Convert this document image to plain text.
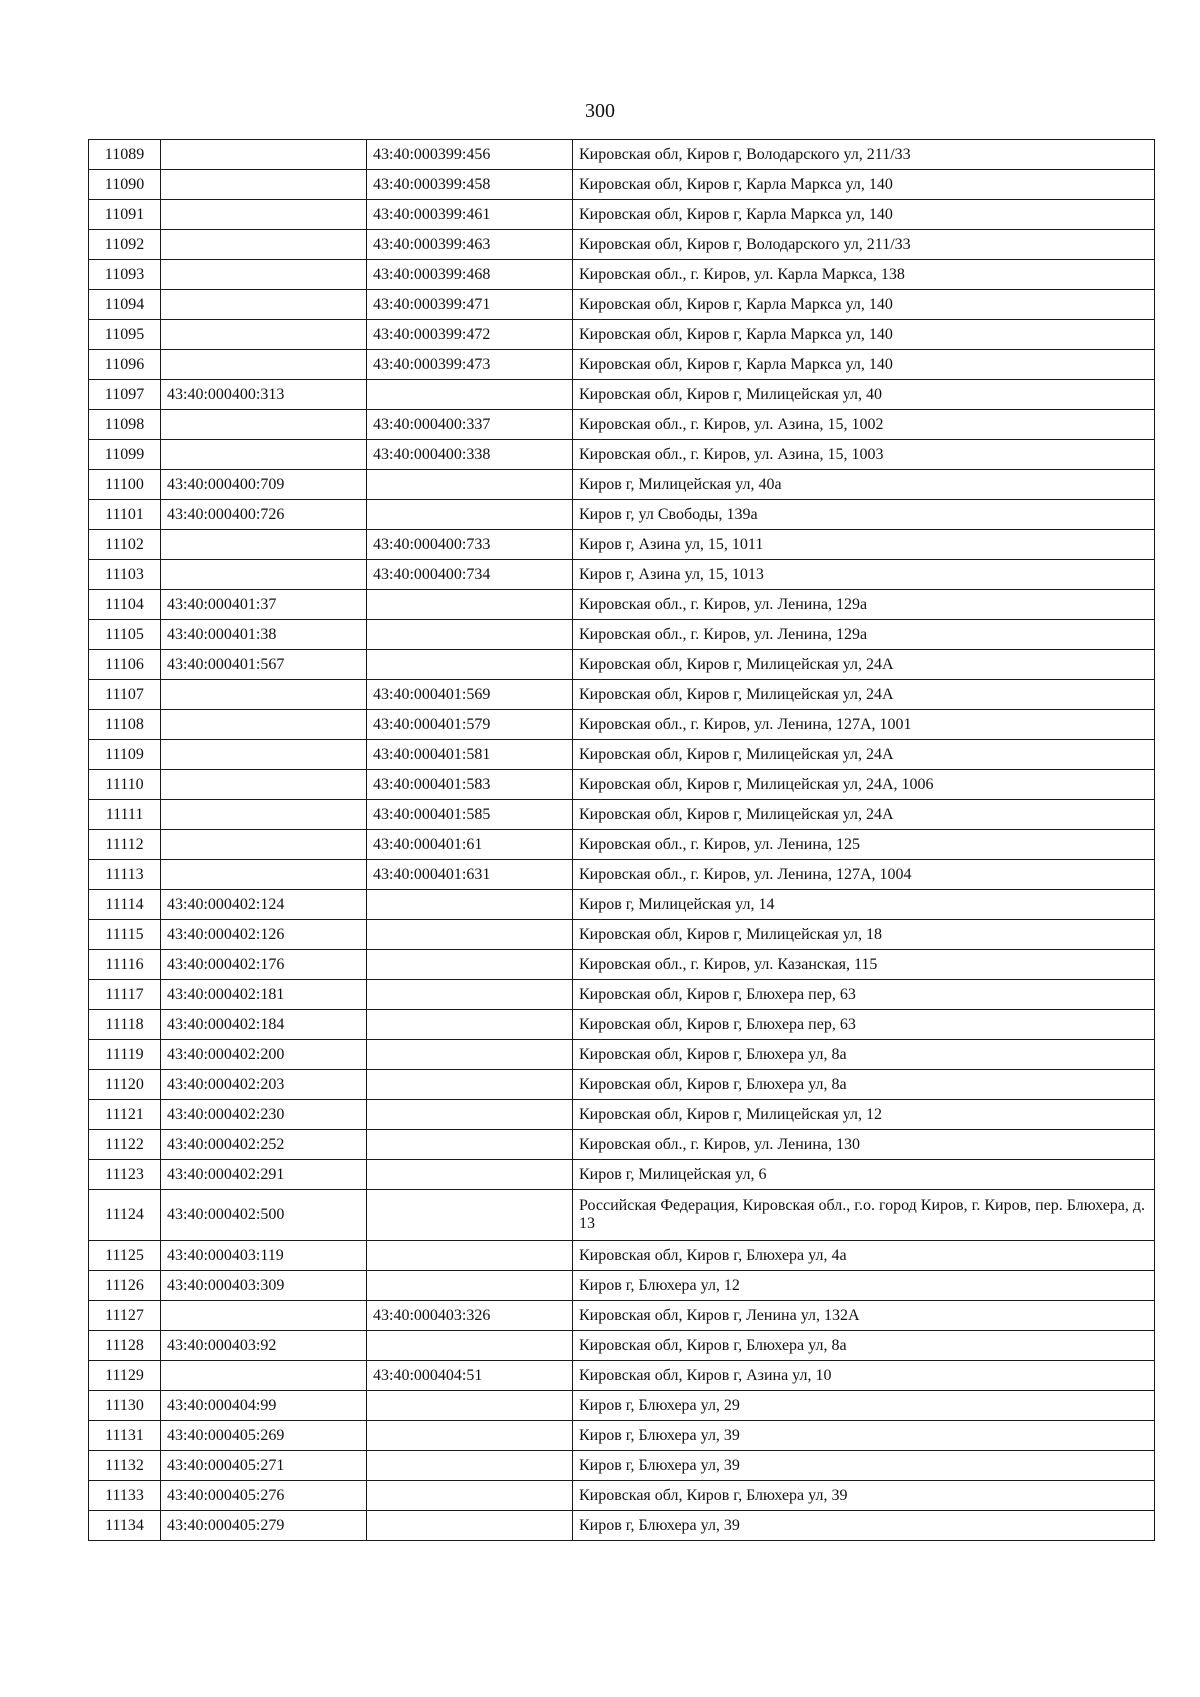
300
11089		43:40:000399:456	Кировская обл, Киров г, Володарского ул, 211/33
11090		43:40:000399:458	Кировская обл, Киров г, Карла Маркса ул, 140
11091		43:40:000399:461	Кировская обл, Киров г, Карла Маркса ул, 140
11092		43:40:000399:463	Кировская обл, Киров г, Володарского ул, 211/33
11093		43:40:000399:468	Кировская обл., г. Киров, ул. Карла Маркса, 138
11094		43:40:000399:471	Кировская обл, Киров г, Карла Маркса ул, 140
11095		43:40:000399:472	Кировская обл, Киров г, Карла Маркса ул, 140
11096		43:40:000399:473	Кировская обл, Киров г, Карла Маркса ул, 140
11097	43:40:000400:313		Кировская обл, Киров г, Милицейская ул, 40
11098		43:40:000400:337	Кировская обл., г. Киров, ул. Азина, 15, 1002
11099		43:40:000400:338	Кировская обл., г. Киров, ул. Азина, 15, 1003
11100	43:40:000400:709		Киров г, Милицейская ул, 40а
11101	43:40:000400:726		Киров г, ул Свободы, 139а
11102		43:40:000400:733	Киров г, Азина ул, 15, 1011
11103		43:40:000400:734	Киров г, Азина ул, 15, 1013
11104	43:40:000401:37		Кировская обл., г. Киров, ул. Ленина, 129а
11105	43:40:000401:38		Кировская обл., г. Киров, ул. Ленина, 129а
11106	43:40:000401:567		Кировская обл, Киров г, Милицейская ул, 24А
11107		43:40:000401:569	Кировская обл, Киров г, Милицейская ул, 24А
11108		43:40:000401:579	Кировская обл., г. Киров, ул. Ленина, 127А, 1001
11109		43:40:000401:581	Кировская обл, Киров г, Милицейская ул, 24А
11110		43:40:000401:583	Кировская обл, Киров г, Милицейская ул, 24А, 1006
11111		43:40:000401:585	Кировская обл, Киров г, Милицейская ул, 24А
11112		43:40:000401:61	Кировская обл., г. Киров, ул. Ленина, 125
11113		43:40:000401:631	Кировская обл., г. Киров, ул. Ленина, 127А, 1004
11114	43:40:000402:124		Киров г, Милицейская ул, 14
11115	43:40:000402:126		Кировская обл, Киров г, Милицейская ул, 18
11116	43:40:000402:176		Кировская обл., г. Киров, ул. Казанская, 115
11117	43:40:000402:181		Кировская обл, Киров г, Блюхера пер, 63
11118	43:40:000402:184		Кировская обл, Киров г, Блюхера пер, 63
11119	43:40:000402:200		Кировская обл, Киров г, Блюхера ул, 8а
11120	43:40:000402:203		Кировская обл, Киров г, Блюхера ул, 8а
11121	43:40:000402:230		Кировская обл, Киров г, Милицейская ул, 12
11122	43:40:000402:252		Кировская обл., г. Киров, ул. Ленина, 130
11123	43:40:000402:291		Киров г, Милицейская ул, 6
11124	43:40:000402:500		Российская Федерация, Кировская обл., г.о. город Киров, г. Киров, пер. Блюхера, д. 13
11125	43:40:000403:119		Кировская обл, Киров г, Блюхера ул, 4а
11126	43:40:000403:309		Киров г, Блюхера ул, 12
11127		43:40:000403:326	Кировская обл, Киров г, Ленина ул, 132А
11128	43:40:000403:92		Кировская обл, Киров г, Блюхера ул, 8а
11129		43:40:000404:51	Кировская обл, Киров г, Азина ул, 10
11130	43:40:000404:99		Киров г, Блюхера ул, 29
11131	43:40:000405:269		Киров г, Блюхера ул, 39
11132	43:40:000405:271		Киров г, Блюхера ул, 39
11133	43:40:000405:276		Кировская обл, Киров г, Блюхера ул, 39
11134	43:40:000405:279		Киров г, Блюхера ул, 39
